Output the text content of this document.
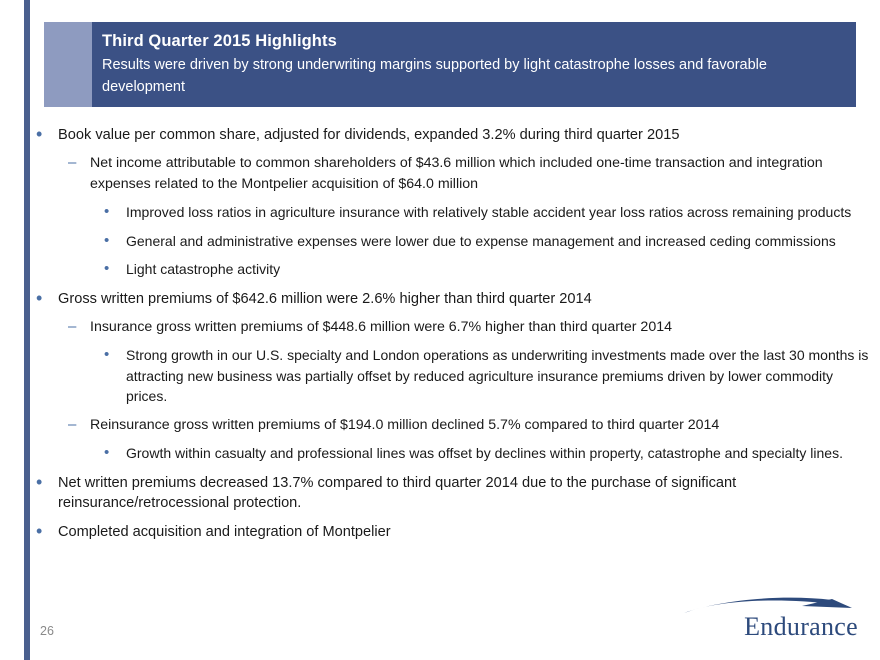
Third Quarter 2015 Highlights
Results were driven by strong underwriting margins supported by light catastrophe losses and favorable development
•	Book value per common share, adjusted for dividends, expanded 3.2% during third quarter 2015
– Net income attributable to common shareholders of $43.6 million which included one-time transaction and integration expenses related to the Montpelier acquisition of $64.0 million
•	Improved loss ratios in agriculture insurance with relatively stable accident year loss ratios across remaining products
•	General and administrative expenses were lower due to expense management and increased ceding commissions
•	Light catastrophe activity
•	Gross written premiums of $642.6 million were 2.6% higher than third quarter 2014
– Insurance gross written premiums of $448.6 million were 6.7% higher than third quarter 2014
•	Strong growth in our U.S. specialty and London operations as underwriting investments made over the last 30 months is attracting new business was partially offset by reduced agriculture insurance premiums driven by lower commodity prices.
– Reinsurance gross written premiums of $194.0 million declined 5.7% compared to third quarter 2014
•	Growth within casualty and professional lines was offset by declines within property, catastrophe and specialty lines.
•	Net written premiums decreased 13.7% compared to third quarter 2014 due to the purchase of significant reinsurance/retrocessional protection.
•	Completed acquisition and integration of Montpelier
26	Endurance
